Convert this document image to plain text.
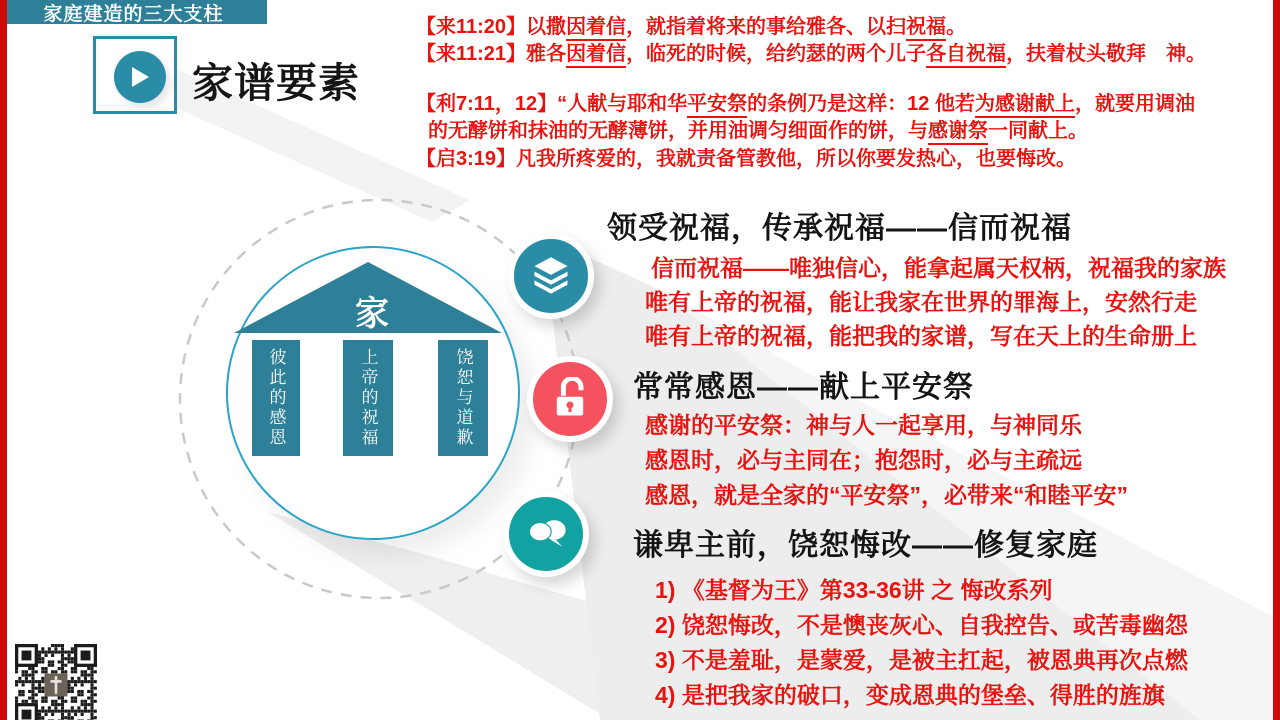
家谱要素
【来11:20】以撒因着信，就指着将来的事给雅各、以扫祝福。
【来11:21】雅各因着信，临死的时候，给约瑟的两个儿子各自祝福，扶着杖头敬拜　神。
【利7:11，12】“人献与耶和华平安祭的条例乃是这样：12 他若为感谢献上，就要用调油
的无酵饼和抹油的无酵薄饼，并用油调匀细面作的饼，与感谢祭一同献上。
【启3:19】凡我所疼爱的，我就责备管教他，所以你要发热心，也要悔改。
家
彼此的感恩	上帝的祝福	饶恕与道歉
家庭建造的三大支柱
领受祝福，传承祝福——信而祝福
信而祝福——唯独信心，能拿起属天权柄，祝福我的家族
唯有上帝的祝福，能让我家在世界的罪海上，安然行走
唯有上帝的祝福，能把我的家谱，写在天上的生命册上
常常感恩——献上平安祭
感谢的平安祭：神与人一起享用，与神同乐
感恩时，必与主同在；抱怨时，必与主疏远
感恩，就是全家的“平安祭”，必带来“和睦平安”
谦卑主前，饶恕悔改——修复家庭
1) 《基督为王》第33-36讲 之 悔改系列
2) 饶恕悔改，不是懊丧灰心、自我控告、或苦毒幽怨
3) 不是羞耻，是蒙爱，是被主扛起，被恩典再次点燃
4) 是把我家的破口，变成恩典的堡垒、得胜的旌旗
